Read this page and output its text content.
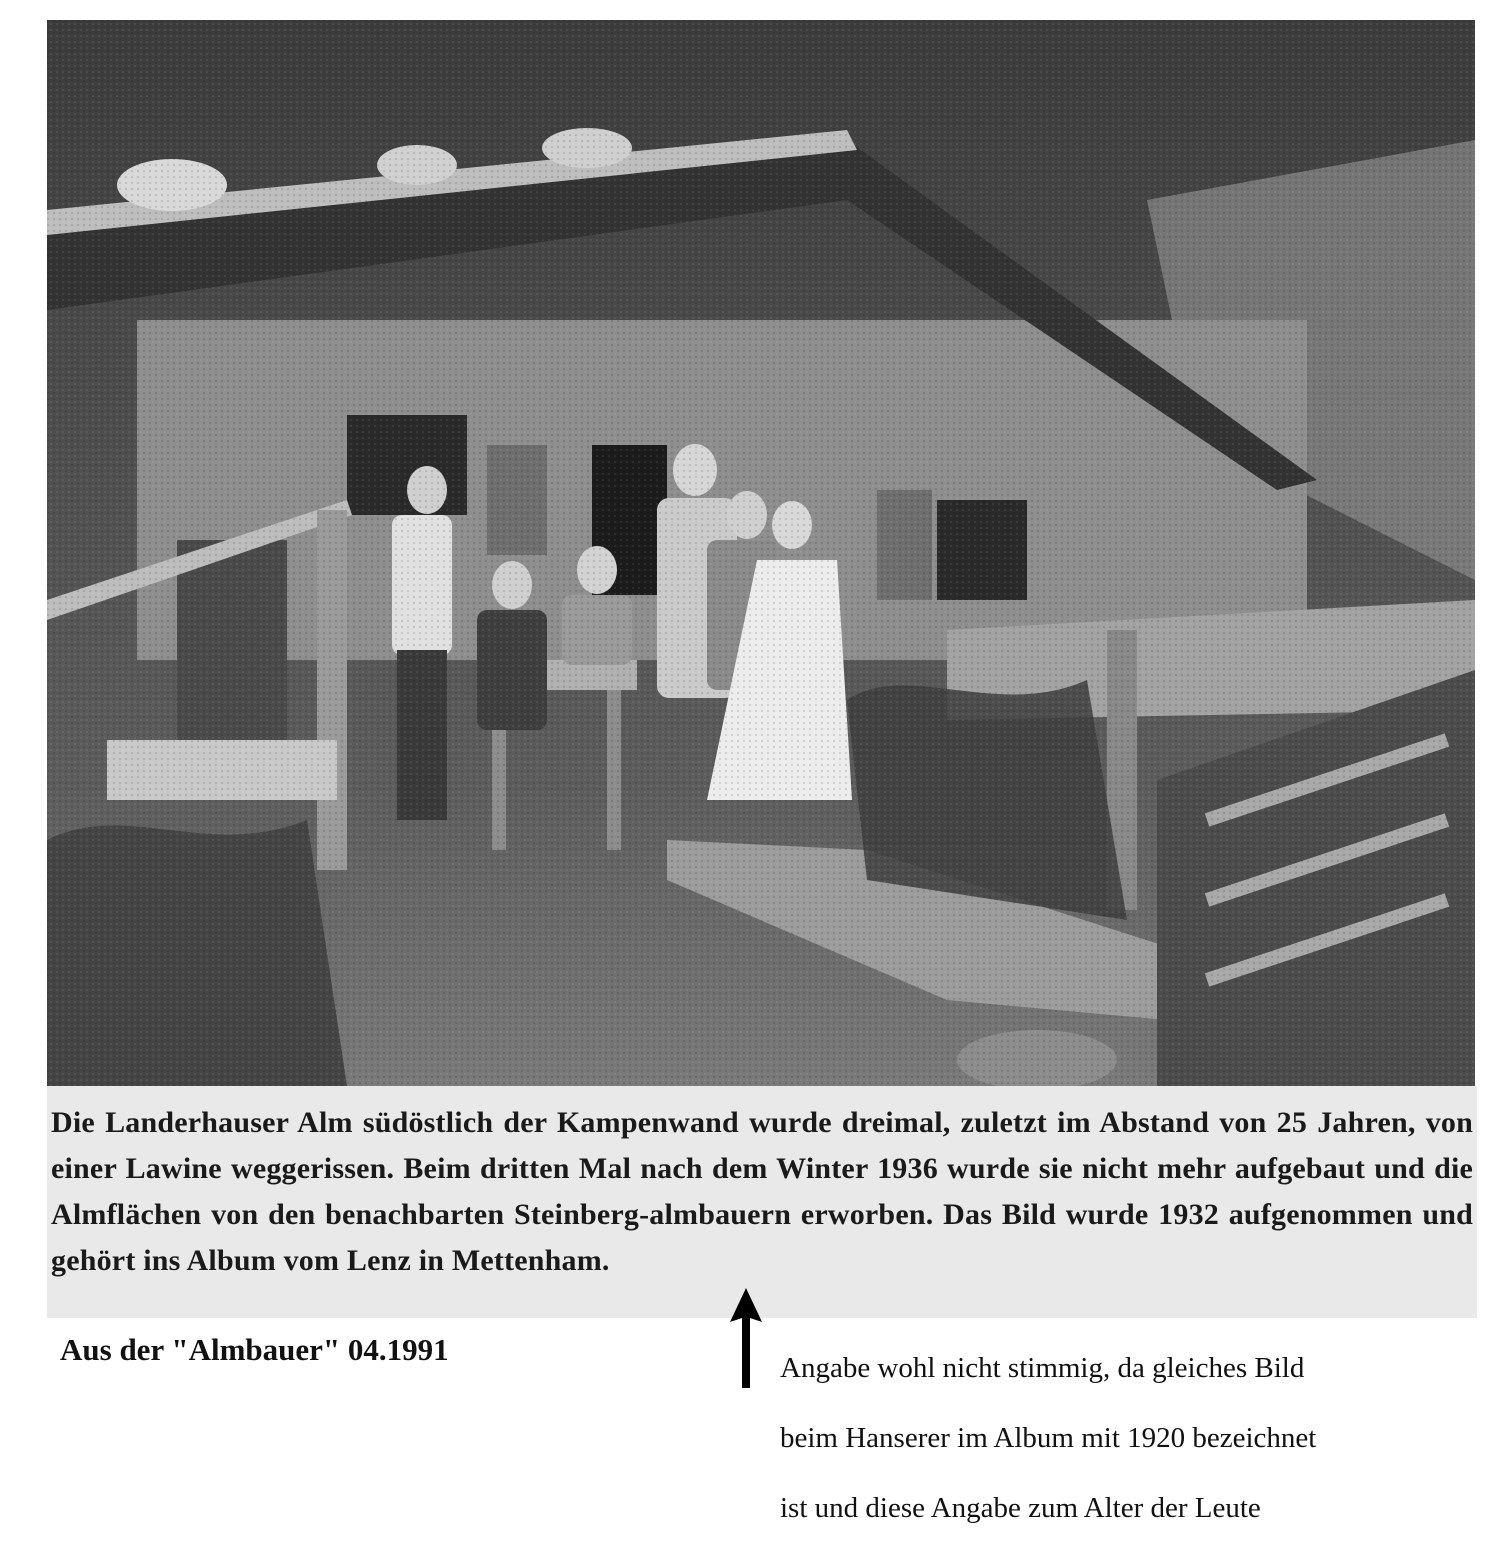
Die Landerhauser Alm südöstlich der Kampenwand wurde dreimal, zuletzt im Abstand von 25 Jahren, von einer Lawine weggerissen. Beim dritten Mal nach dem Winter 1936 wurde sie nicht mehr aufgebaut und die Almflächen von den benachbarten Steinberg-almbauern erworben. Das Bild wurde 1932 aufgenommen und gehört ins Album vom Lenz in Mettenham.
Aus der "Almbauer" 04.1991

Angabe wohl nicht stimmig, da gleiches Bild

beim Hanserer im Album mit 1920 bezeichnet

ist und diese Angabe zum Alter der Leute
